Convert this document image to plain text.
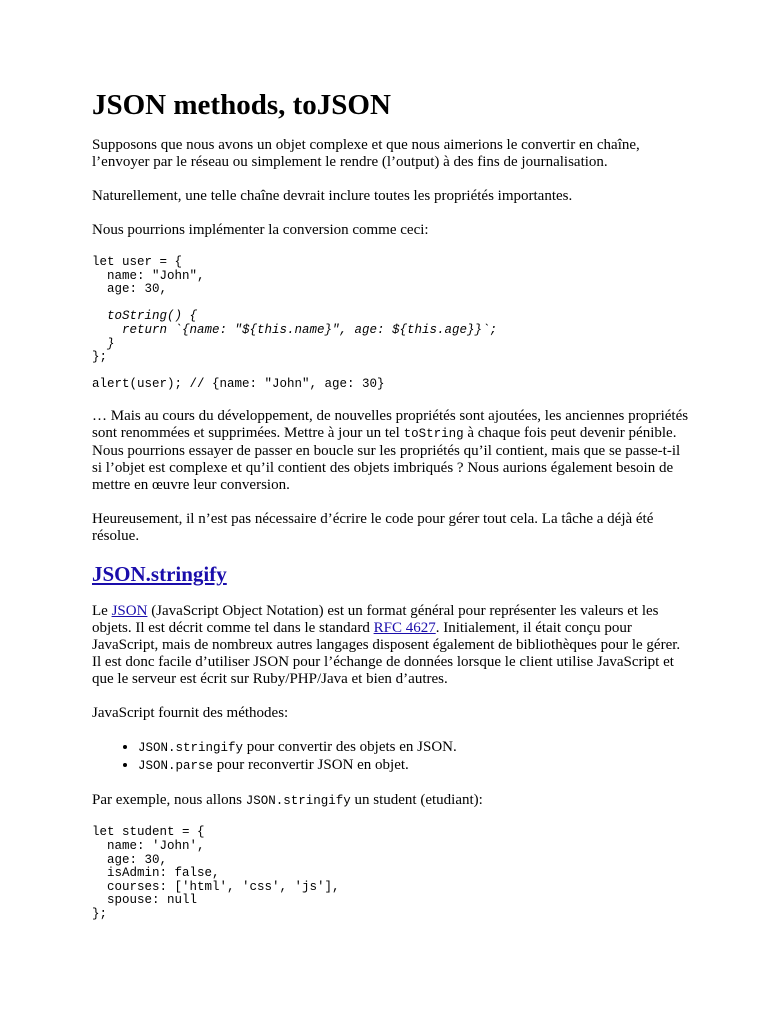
JSON methods, toJSON

Supposons que nous avons un objet complexe et que nous aimerions le convertir en chaîne, l’envoyer par le réseau ou simplement le rendre (l’output) à des fins de journalisation.

Naturellement, une telle chaîne devrait inclure toutes les propriétés importantes.

Nous pourrions implémenter la conversion comme ceci:

let user = {
name: "John",
age: 30,

toString() {
return `{name: "${this.name}", age: ${this.age}}`;
}
};
alert(user); // {name: "John", age: 30}

… Mais au cours du développement, de nouvelles propriétés sont ajoutées, les anciennes propriétés sont renommées et supprimées. Mettre à jour un tel toString à chaque fois peut devenir pénible. Nous pourrions essayer de passer en boucle sur les propriétés qu’il contient, mais que se passe-t-il si l’objet est complexe et qu’il contient des objets imbriqués ? Nous aurions également besoin de mettre en œuvre leur conversion.

Heureusement, il n’est pas nécessaire d’écrire le code pour gérer tout cela. La tâche a déjà été résolue.

JSON.stringify

Le JSON (JavaScript Object Notation) est un format général pour représenter les valeurs et les objets. Il est décrit comme tel dans le standard RFC 4627. Initialement, il était conçu pour JavaScript, mais de nombreux autres langages disposent également de bibliothèques pour le gérer. Il est donc facile d’utiliser JSON pour l’échange de données lorsque le client utilise JavaScript et que le serveur est écrit sur Ruby/PHP/Java et bien d’autres.

JavaScript fournit des méthodes:

• JSON.stringify pour convertir des objets en JSON.
• JSON.parse pour reconvertir JSON en objet.

Par exemple, nous allons JSON.stringify un student (etudiant):

let student = {
name: 'John',
age: 30,
isAdmin: false,
courses: ['html', 'css', 'js'],
spouse: null
};
